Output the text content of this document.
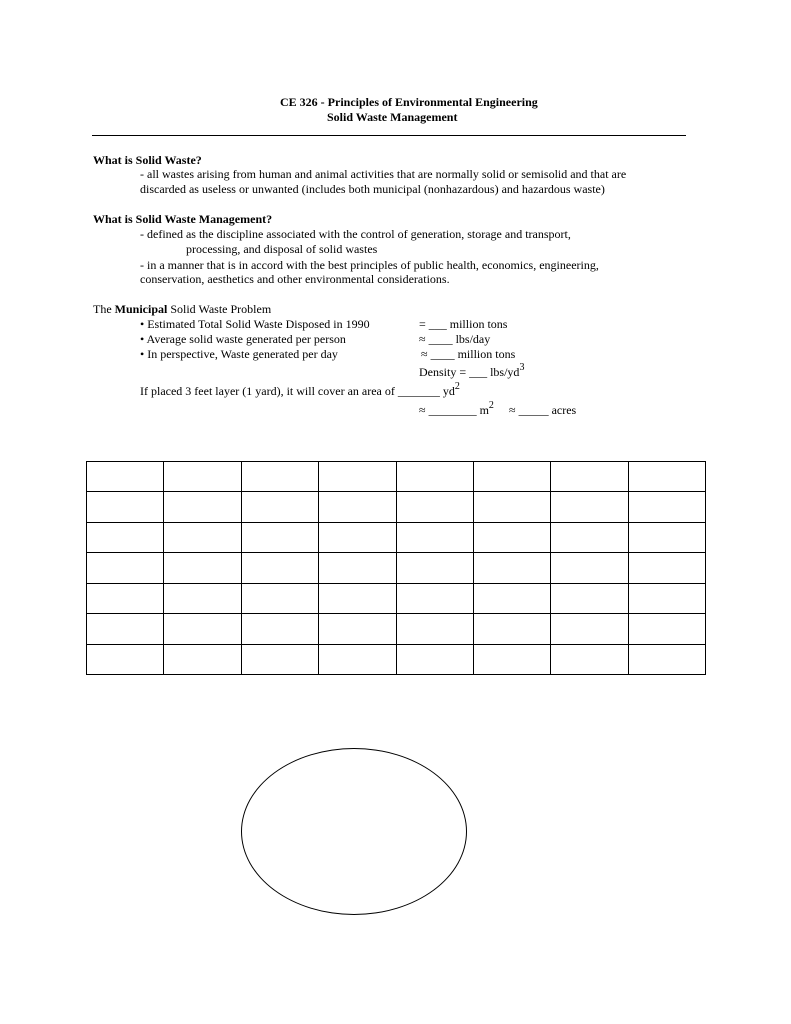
CE 326 - Principles of Environmental Engineering
Solid Waste Management
What is Solid Waste?
- all wastes arising from human and animal activities that are normally solid or semisolid and that are
discarded as useless or unwanted (includes both municipal (nonhazardous) and hazardous waste)
What is Solid Waste Management?
- defined as the discipline associated with the control of generation, storage and transport,
processing, and disposal of solid wastes
- in a manner that is in accord with the best principles of public health, economics, engineering,
conservation, aesthetics and other environmental considerations.
The Municipal Solid Waste Problem
• Estimated Total Solid Waste Disposed in 1990	= ___ million tons
• Average solid waste generated per person	≈ ____ lbs/day
• In perspective, Waste generated per day	≈ ____ million tons
Density = ___ lbs/$yd^3$
If placed 3 feet layer (1 yard), it will cover an area of _______ $yd^2$
≈ ________ $m^2$ ≈ _____ acres
